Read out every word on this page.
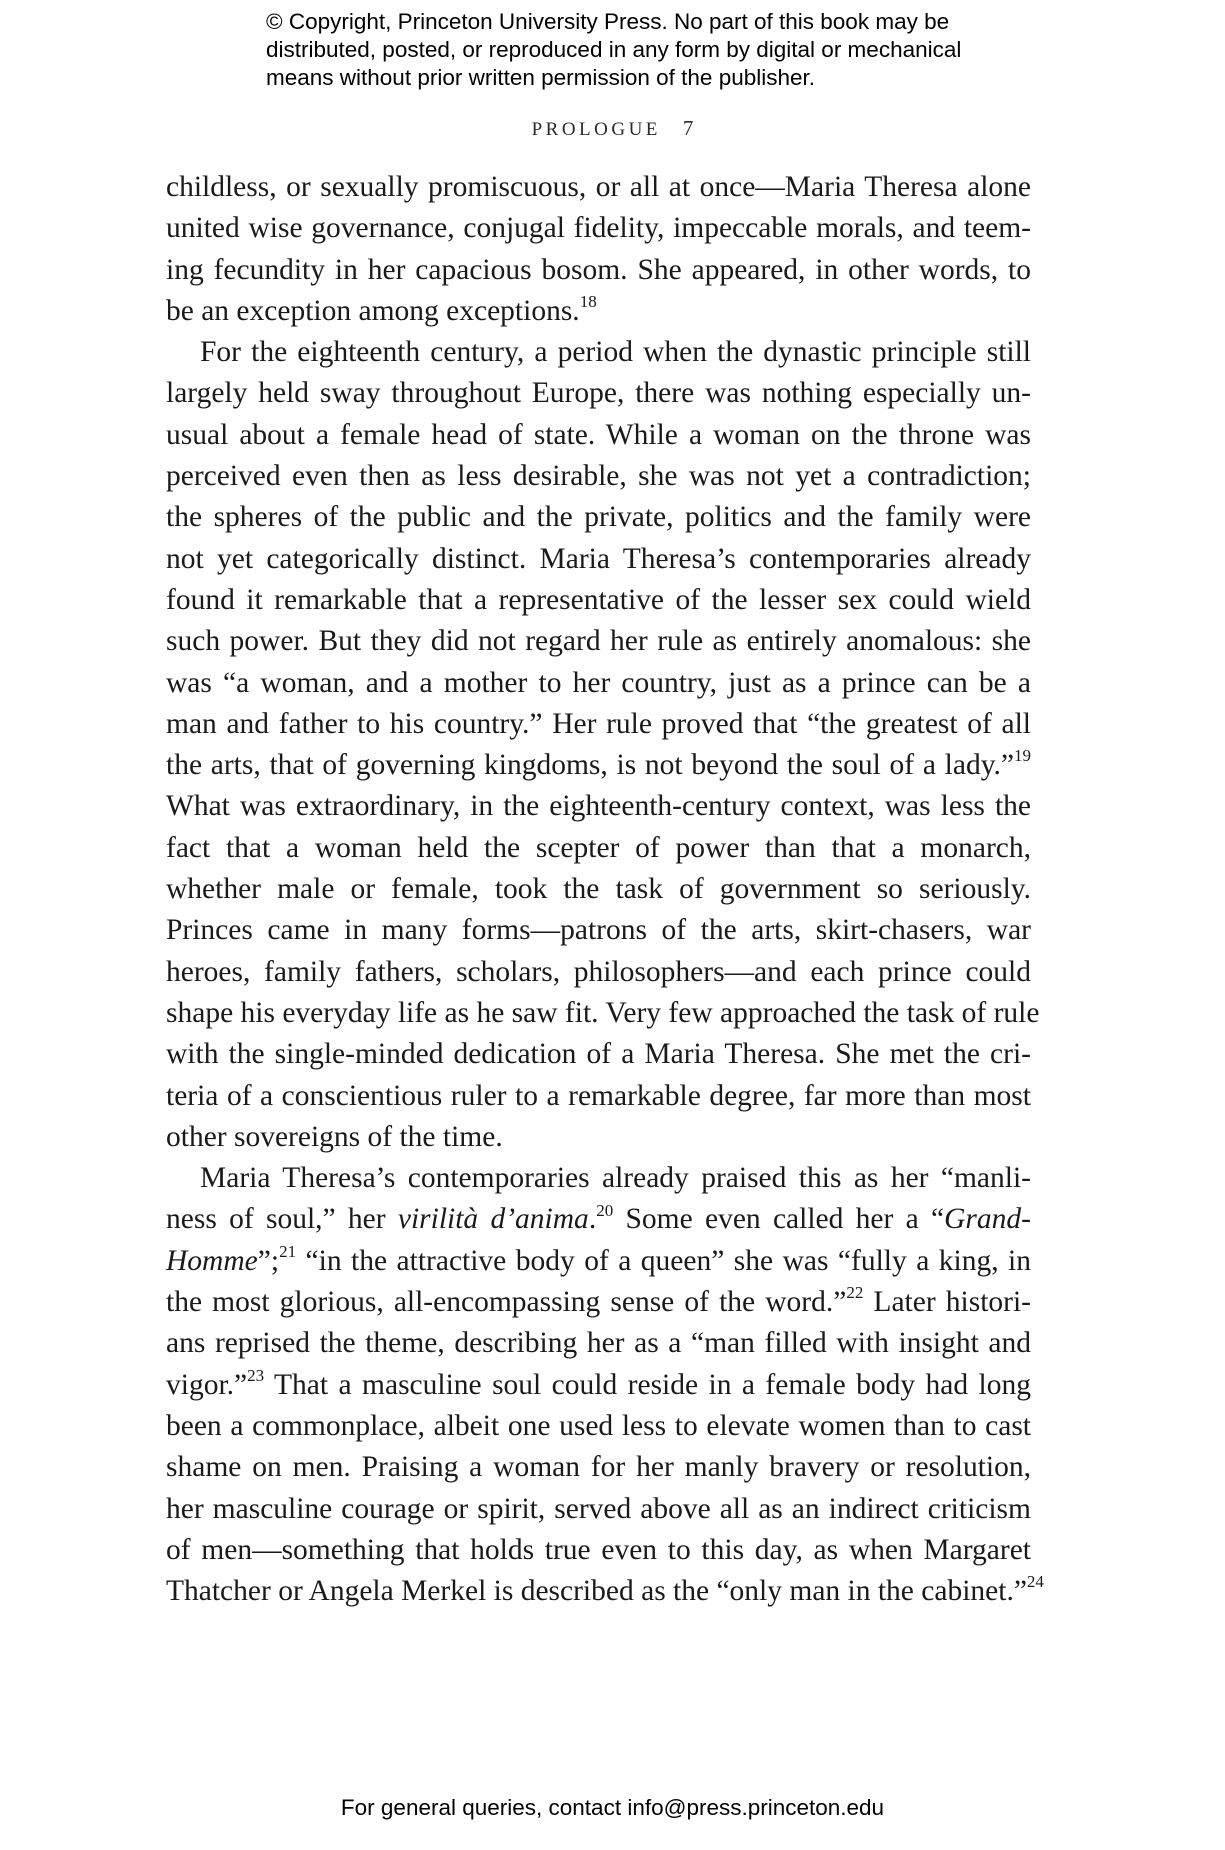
© Copyright, Princeton University Press. No part of this book may be
distributed, posted, or reproduced in any form by digital or mechanical
means without prior written permission of the publisher.
PROLOGUE 7
childless, or sexually promiscuous, or all at once—Maria Theresa alone
united wise governance, conjugal fidelity, impeccable morals, and teem-
ing fecundity in her capacious bosom. She appeared, in other words, to
be an exception among exceptions.$^{18}$
For the eighteenth century, a period when the dynastic principle still
largely held sway throughout Europe, there was nothing especially un-
usual about a female head of state. While a woman on the throne was
perceived even then as less desirable, she was not yet a contradiction;
the spheres of the public and the private, politics and the family were
not yet categorically distinct. Maria Theresa’s contemporaries already
found it remarkable that a representative of the lesser sex could wield
such power. But they did not regard her rule as entirely anomalous: she
was “a woman, and a mother to her country, just as a prince can be a
man and father to his country.” Her rule proved that “the greatest of all
the arts, that of governing kingdoms, is not beyond the soul of a lady.”$^{19}$
What was extraordinary, in the eighteenth-century context, was less the
fact that a woman held the scepter of power than that a monarch,
whether male or female, took the task of government so seriously.
Princes came in many forms—patrons of the arts, skirt-chasers, war
heroes, family fathers, scholars, philosophers—and each prince could
shape his everyday life as he saw fit. Very few approached the task of rule
with the single-minded dedication of a Maria Theresa. She met the cri-
teria of a conscientious ruler to a remarkable degree, far more than most
other sovereigns of the time.
Maria Theresa’s contemporaries already praised this as her “manli-
ness of soul,” her virilità d’anima.$^{20}$ Some even called her a “Grand-
Homme”;$^{21}$ “in the attractive body of a queen” she was “fully a king, in
the most glorious, all-encompassing sense of the word.”$^{22}$ Later histori-
ans reprised the theme, describing her as a “man filled with insight and
vigor.”$^{23}$ That a masculine soul could reside in a female body had long
been a commonplace, albeit one used less to elevate women than to cast
shame on men. Praising a woman for her manly bravery or resolution,
her masculine courage or spirit, served above all as an indirect criticism
of men—something that holds true even to this day, as when Margaret
Thatcher or Angela Merkel is described as the “only man in the cabinet.”$^{24}$
For general queries, contact info@press.princeton.edu
